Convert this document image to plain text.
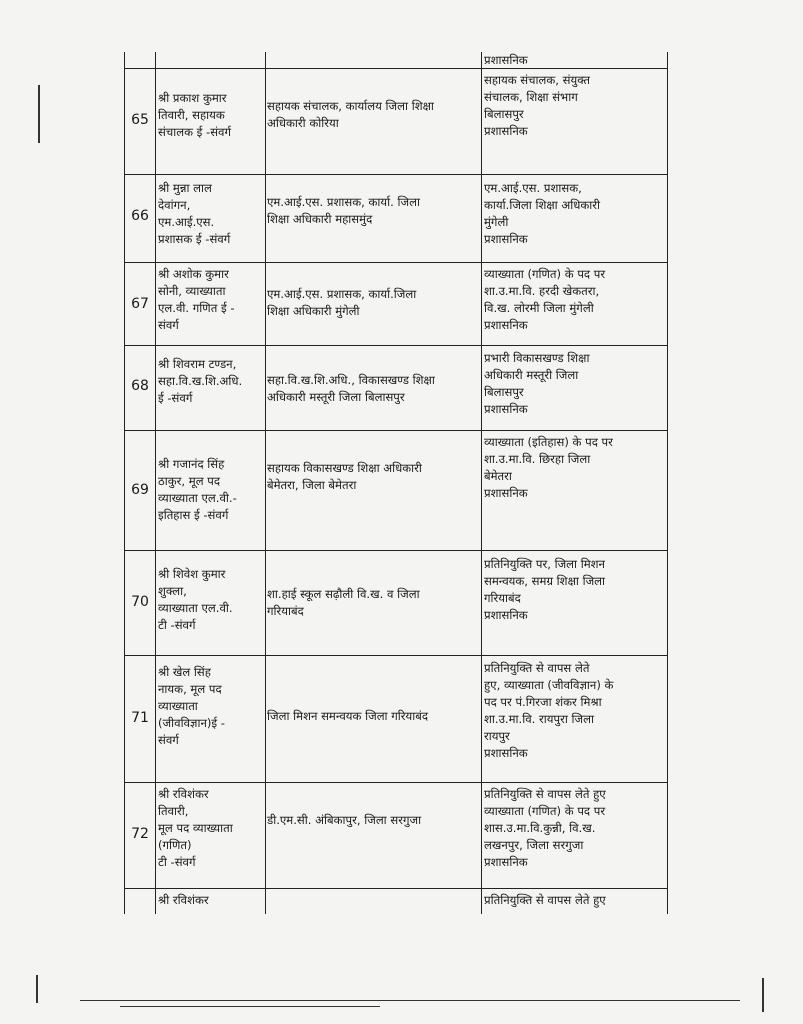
प्रशासनिक
65
श्री प्रकाश कुमार
तिवारी, सहायक
संचालक ई -संवर्ग
सहायक संचालक, कार्यालय जिला शिक्षा
अधिकारी कोरिया
सहायक संचालक, संयुक्त
संचालक, शिक्षा संभाग
बिलासपुर
प्रशासनिक
66
श्री मुन्ना लाल
देवांगन,
एम.आई.एस.
प्रशासक ई -संवर्ग
एम.आई.एस. प्रशासक, कार्या. जिला
शिक्षा अधिकारी महासमुंद
एम.आई.एस. प्रशासक,
कार्या.जिला शिक्षा अधिकारी
मुंगेली
प्रशासनिक
67
श्री अशोक कुमार
सोनी, व्याख्याता
एल.वी. गणित ई -
संवर्ग
एम.आई.एस. प्रशासक, कार्या.जिला
शिक्षा अधिकारी मुंगेली
व्याख्याता (गणित) के पद पर
शा.उ.मा.वि. हरदी खेकतरा,
वि.ख. लोरमी जिला मुंगेली
प्रशासनिक
68
श्री शिवराम टण्डन,
सहा.वि.ख.शि.अधि.
ई -संवर्ग
सहा.वि.ख.शि.अधि., विकासखण्ड शिक्षा
अधिकारी मस्तूरी जिला बिलासपुर
प्रभारी विकासखण्ड शिक्षा
अधिकारी मस्तूरी जिला
बिलासपुर
प्रशासनिक
69
श्री गजानंद सिंह
ठाकुर, मूल पद
व्याख्याता एल.वी.-
इतिहास ई -संवर्ग
सहायक विकासखण्ड शिक्षा अधिकारी
बेमेतरा, जिला बेमेतरा
व्याख्याता (इतिहास) के पद पर
शा.उ.मा.वि. छिरहा जिला
बेमेतरा
प्रशासनिक
70
श्री शिवेश कुमार
शुक्ला,
व्याख्याता एल.वी.
टी -संवर्ग
शा.हाई स्कूल सढ़ौली वि.ख. व जिला
गरियाबंद
प्रतिनियुक्ति पर, जिला मिशन
समन्वयक, समग्र शिक्षा जिला
गरियाबंद
प्रशासनिक
71
श्री खेल सिंह
नायक, मूल पद
व्याख्याता
(जीवविज्ञान)ई -
संवर्ग
जिला मिशन समन्वयक जिला गरियाबंद
प्रतिनियुक्ति से वापस लेते
हुए, व्याख्याता (जीवविज्ञान) के
पद पर पं.गिरजा शंकर मिश्रा
शा.उ.मा.वि. रायपुरा जिला
रायपुर
प्रशासनिक
72
श्री रविशंकर
तिवारी,
मूल पद व्याख्याता
(गणित)
टी -संवर्ग
डी.एम.सी. अंबिकापुर, जिला सरगुजा
प्रतिनियुक्ति से वापस लेते हुए
व्याख्याता (गणित) के पद पर
शास.उ.मा.वि.कुन्नी, वि.ख.
लखनपुर, जिला सरगुजा
प्रशासनिक
श्री रविशंकर	प्रतिनियुक्ति से वापस लेते हुए
